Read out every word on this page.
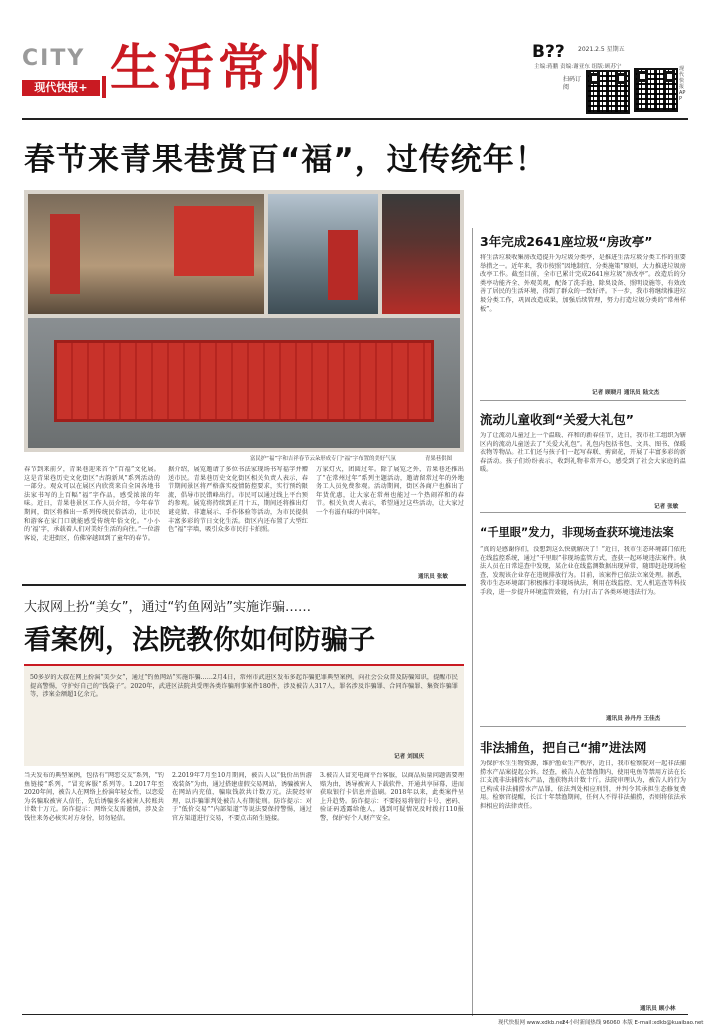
CITY
现代快报+ 生活常州	B?? 2021.2.5 星期五
主编:蒋鹏 责编:谢亚东 组版:顾苏宁
扫码订阅
现代快报APP
春节来青果巷赏百“福”，过传统年！
富民护“福”字和吉祥春节云朵形成专门“福”字布置的美好气氛	青果巷供图
春节到来前夕，青果巷迎来首个“百福”文化展。这是青果巷历史文化街区“古韵新风”系列活动的一部分。观众可以在展区内欣赏来自全国各地书法家书写的上百幅“福”字作品，感受浓浓的年味。近日，青果巷景区工作人员介绍，今年春节期间，街区将推出一系列传统民俗活动，让市民和游客在家门口就能感受传统年俗文化。“小小的‘福’字，承载着人们对美好生活的向往。”一位游客说，走进街区，仿佛穿越回到了童年的春节。
据介绍，展览邀请了多位书法家现场书写福字并赠送市民。青果巷历史文化街区相关负责人表示，春节期间景区将严格落实疫情防控要求，实行预约限流，倡导市民错峰出行。市民可以通过线上平台预约参观。展览将持续到正月十五，期间还将推出灯谜竞猜、非遗展示、手作体验等活动，为市民提供丰富多彩的节日文化生活。街区内还布置了大型红色“福”字墙，吸引众多市民打卡拍照。
万家灯火，团圆过年。除了展览之外，青果巷还推出了“在常州过年”系列主题活动，邀请留常过年的外地务工人员免费参观。活动期间，街区各商户也推出了年货优惠，让大家在常州也能过一个热闹祥和的春节。相关负责人表示，希望通过这些活动，让大家过一个有滋有味的中国年。
通讯员 张敏
大叔网上扮“美女”，通过“钓鱼网站”实施诈骗……
看案例，法院教你如何防骗子
50多岁的大叔在网上扮演“美少女”，通过“钓鱼网站”实施诈骗……2月4日，常州市武进区发布多起诈骗犯罪典型案例，向社会公众普及防骗知识，提醒市民提高警惕，守护好自己的“钱袋子”。2020年，武进区法院共受理各类诈骗刑事案件180件，涉及被告人317人，罪名涉及诈骗罪、合同诈骗罪、集资诈骗罪等，涉案金额超1亿余元。
记者 刘国庆
当天发布的典型案例，包括有“网恋交友”系列，“钓鱼链接”系列，“冒充客服”系列等。1.2017年至2020年间，被告人在网络上扮演年轻女性，以恋爱为名骗取被害人信任，先后诱骗多名被害人转账共计数十万元。防诈提示：网络交友需谨慎，涉及金钱往来务必核实对方身份，切勿轻信。
2.2019年7月至10月期间，被告人以“低价出售游戏装备”为由，通过搭建虚假交易网站，诱骗被害人在网站内充值，骗取钱款共计数万元。法院经审理，以诈骗罪判处被告人有期徒刑。防诈提示：对于“低价交易”“内部渠道”等说法要保持警惕，通过官方渠道进行交易，不要点击陌生链接。
3.被告人冒充电商平台客服，以商品质量问题需要理赔为由，诱导被害人下载软件、开通共享屏幕，进而获取银行卡信息并盗刷。2018年以来，此类案件呈上升趋势。防诈提示：不要轻易将银行卡号、密码、验证码透露给他人，遇到可疑情况及时拨打110报警，保护好个人财产安全。
3年完成2641座垃圾“房改亭”
将生活垃圾收集房改造提升为垃圾分类亭，是推进生活垃圾分类工作的重要举措之一。近年来，我市按照“因地制宜、分类施策”原则，大力推进垃圾房改亭工作。截至目前，全市已累计完成2641座垃圾“房改亭”。改造后的分类亭功能齐全、外观美观，配备了洗手池、除臭设备、照明设施等，有效改善了居民的生活环境，得到了群众的一致好评。下一步，我市将继续推进垃圾分类工作，巩固改造成果，加强后续管理，努力打造垃圾分类的“常州样板”。
记者 顾晓月 通讯员 陆文杰
流动儿童收到“关爱大礼包”
为了让流动儿童过上一个温暖、祥和的新春佳节，近日，我市社工组织为辖区内的流动儿童送去了“关爱大礼包”。礼包内包括书包、文具、图书、保暖衣物等物品。社工们还与孩子们一起写春联、剪窗花，开展了丰富多彩的新春活动。孩子们纷纷表示，收到礼物非常开心，感受到了社会大家庭的温暖。
记者 张敏
“千里眼”发力，非现场查获环境违法案
“真的是感谢你们，没想到这么快就解决了！”近日，我市生态环境部门依托在线监控系统，通过“千里眼”非现场监管方式，查获一起环境违法案件。执法人员在日常巡查中发现，某企业在线监测数据出现异常，随即赶赴现场检查，发现该企业存在违规排放行为。目前，该案件已依法立案处理。据悉，我市生态环境部门积极推行非现场执法，利用在线监控、无人机巡查等科技手段，进一步提升环境监管效能，有力打击了各类环境违法行为。
通讯员 孙丹丹 王佳杰
非法捕鱼，把自己“捕”进法网
为保护水生生物资源，维护渔业生产秩序，近日，我市检察院对一起非法捕捞水产品案提起公诉。经查，被告人在禁渔期内，使用电鱼等禁用方法在长江支流非法捕捞水产品，渔获物共计数十斤。法院审理认为，被告人的行为已构成非法捕捞水产品罪，依法判处相应刑罚，并判令其承担生态修复费用。检察官提醒，长江十年禁渔期间，任何人不得非法捕捞，否则将依法承担相应的法律责任。
通讯员 顾小林
现代快报网 www.xdkb.net
24小时新闻热线 96060 本版 E-mail:xdkb@kuaibao.net
